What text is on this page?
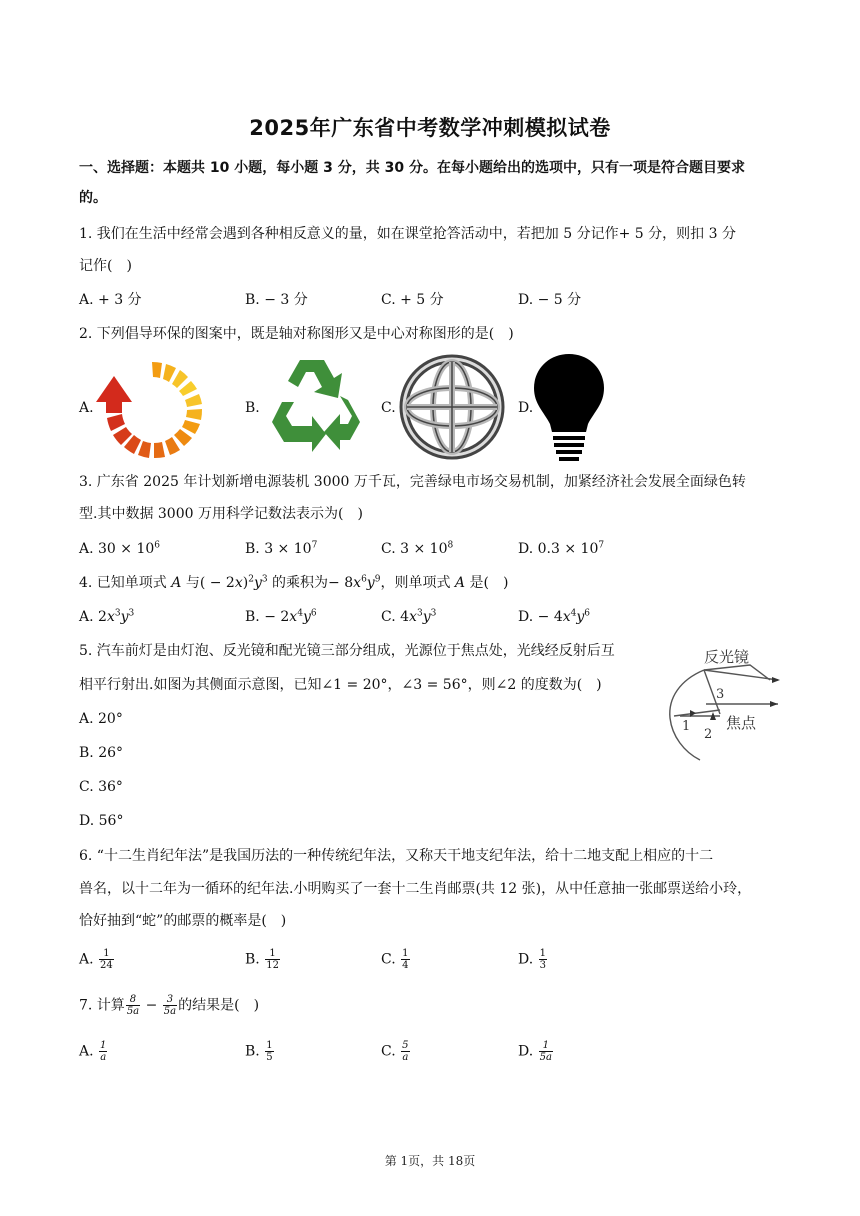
2025年广东省中考数学冲刺模拟试卷
一、选择题：本题共 10 小题，每小题 3 分，共 30 分。在每小题给出的选项中，只有一项是符合题目要求
的。
1. 我们在生活中经常会遇到各种相反意义的量，如在课堂抢答活动中，若把加 5 分记作+ 5 分，则扣 3 分
记作( )
A. + 3 分	B. − 3 分	C. + 5 分	D. − 5 分
2. 下列倡导环保的图案中，既是轴对称图形又是中心对称图形的是( )
A.	B.	C.	D.
3. 广东省 2025 年计划新增电源装机 3000 万千瓦，完善绿电市场交易机制，加紧经济社会发展全面绿色转
型.其中数据 3000 万用科学记数法表示为( )
A. $30 \times 10^6$	B. $3 \times 10^7$	C. $3 \times 10^8$	D. $0.3 \times 10^7$
4. 已知单项式 A 与( − $2x)^2y^3$ 的乘积为− $8x^6y^9$，则单项式 A 是( )
A. $2x^3y^3$	B. − $2x^4y^6$	C. $4x^3y^3$	D. − $4x^4y^6$
5. 汽车前灯是由灯泡、反光镜和配光镜三部分组成，光源位于焦点处，光线经反射后互
相平行射出.如图为其侧面示意图，已知∠1 = 20°，∠3 = 56°，则∠2 的度数为( )
A. 20°
B. 26°
C. 36°
D. 56°
反光镜
焦点
1
2
3
6. “十二生肖纪年法”是我国历法的一种传统纪年法，又称天干地支纪年法，给十二地支配上相应的十二
兽名，以十二年为一循环的纪年法.小明购买了一套十二生肖邮票(共 12 张)，从中任意抽一张邮票送给小玲，
恰好抽到“蛇”的邮票的概率是( )
A. $\frac{1}{24}$	B. $\frac{1}{12}$	C. $\frac{1}{4}$	D. $\frac{1}{3}$
7. 计算 $\frac{8}{5a} - \frac{3}{5a}$ 的结果是( )
A. $\frac{1}{a}$	B. $\frac{1}{5}$	C. $\frac{5}{a}$	D. $\frac{1}{5a}$
第 1页，共 18页
